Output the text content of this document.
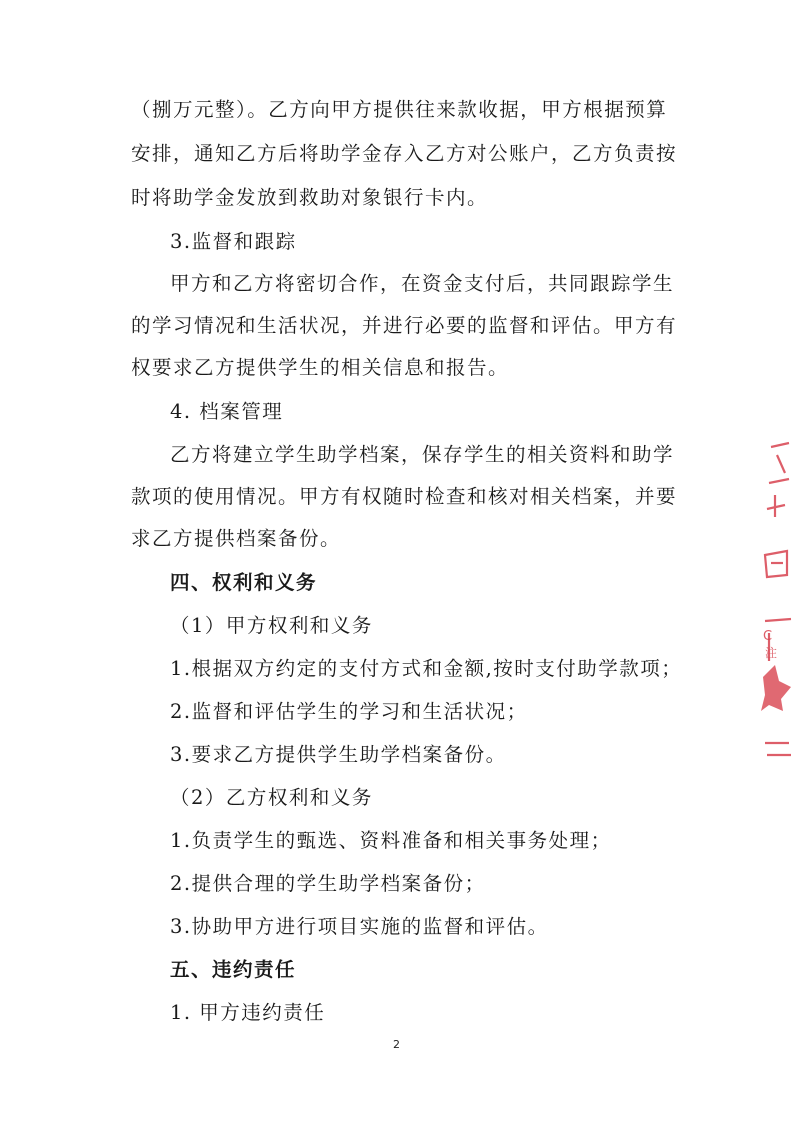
（捌万元整）。乙方向甲方提供往来款收据，甲方根据预算
安排，通知乙方后将助学金存入乙方对公账户，乙方负责按
时将助学金发放到救助对象银行卡内。
3.监督和跟踪
甲方和乙方将密切合作，在资金支付后，共同跟踪学生
的学习情况和生活状况，并进行必要的监督和评估。甲方有
权要求乙方提供学生的相关信息和报告。
4. 档案管理
乙方将建立学生助学档案，保存学生的相关资料和助学
款项的使用情况。甲方有权随时检查和核对相关档案，并要
求乙方提供档案备份。
四、权利和义务
（1）甲方权利和义务
1.根据双方约定的支付方式和金额,按时支付助学款项；
2.监督和评估学生的学习和生活状况；
3.要求乙方提供学生助学档案备份。
（2）乙方权利和义务
1.负责学生的甄选、资料准备和相关事务处理；
2.提供合理的学生助学档案备份；
3.协助甲方进行项目实施的监督和评估。
五、违约责任
1. 甲方违约责任
2
C
注
